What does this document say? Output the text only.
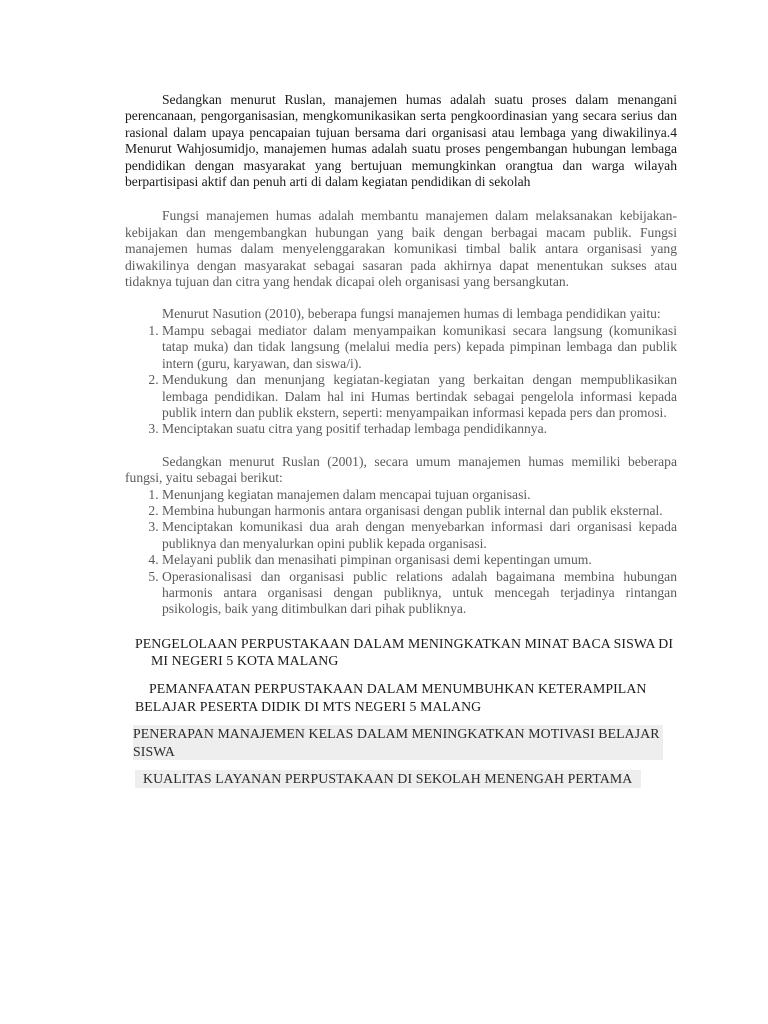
Sedangkan menurut Ruslan, manajemen humas adalah suatu proses dalam menangani perencanaan, pengorganisasian, mengkomunikasikan serta pengkoordinasian yang secara serius dan rasional dalam upaya pencapaian tujuan bersama dari organisasi atau lembaga yang diwakilinya.4 Menurut Wahjosumidjo, manajemen humas adalah suatu proses pengembangan hubungan lembaga pendidikan dengan masyarakat yang bertujuan memungkinkan orangtua dan warga wilayah berpartisipasi aktif dan penuh arti di dalam kegiatan pendidikan di sekolah

Fungsi manajemen humas adalah membantu manajemen dalam melaksanakan kebijakan-kebijakan dan mengembangkan hubungan yang baik dengan berbagai macam publik. Fungsi manajemen humas dalam menyelenggarakan komunikasi timbal balik antara organisasi yang diwakilinya dengan masyarakat sebagai sasaran pada akhirnya dapat menentukan sukses atau tidaknya tujuan dan citra yang hendak dicapai oleh organisasi yang bersangkutan.

Menurut Nasution (2010), beberapa fungsi manajemen humas di lembaga pendidikan yaitu:

1. Mampu sebagai mediator dalam menyampaikan komunikasi secara langsung (komunikasi tatap muka) dan tidak langsung (melalui media pers) kepada pimpinan lembaga dan publik intern (guru, karyawan, dan siswa/i).
2. Mendukung dan menunjang kegiatan-kegiatan yang berkaitan dengan mempublikasikan lembaga pendidikan. Dalam hal ini Humas bertindak sebagai pengelola informasi kepada publik intern dan publik ekstern, seperti: menyampaikan informasi kepada pers dan promosi.
3. Menciptakan suatu citra yang positif terhadap lembaga pendidikannya.

Sedangkan menurut Ruslan (2001), secara umum manajemen humas memiliki beberapa fungsi, yaitu sebagai berikut:

1. Menunjang kegiatan manajemen dalam mencapai tujuan organisasi.
2. Membina hubungan harmonis antara organisasi dengan publik internal dan publik eksternal.
3. Menciptakan komunikasi dua arah dengan menyebarkan informasi dari organisasi kepada publiknya dan menyalurkan opini publik kepada organisasi.
4. Melayani publik dan menasihati pimpinan organisasi demi kepentingan umum.
5. Operasionalisasi dan organisasi public relations adalah bagaimana membina hubungan harmonis antara organisasi dengan publiknya, untuk mencegah terjadinya rintangan psikologis, baik yang ditimbulkan dari pihak publiknya.
PENGELOLAAN PERPUSTAKAAN DALAM MENINGKATKAN MINAT BACA SISWA DI MI NEGERI 5 KOTA MALANG
PEMANFAATAN PERPUSTAKAAN DALAM MENUMBUHKAN KETERAMPILAN BELAJAR PESERTA DIDIK DI MTS NEGERI 5 MALANG
PENERAPAN MANAJEMEN KELAS DALAM MENINGKATKAN MOTIVASI BELAJAR SISWA
KUALITAS LAYANAN PERPUSTAKAAN DI SEKOLAH MENENGAH PERTAMA
